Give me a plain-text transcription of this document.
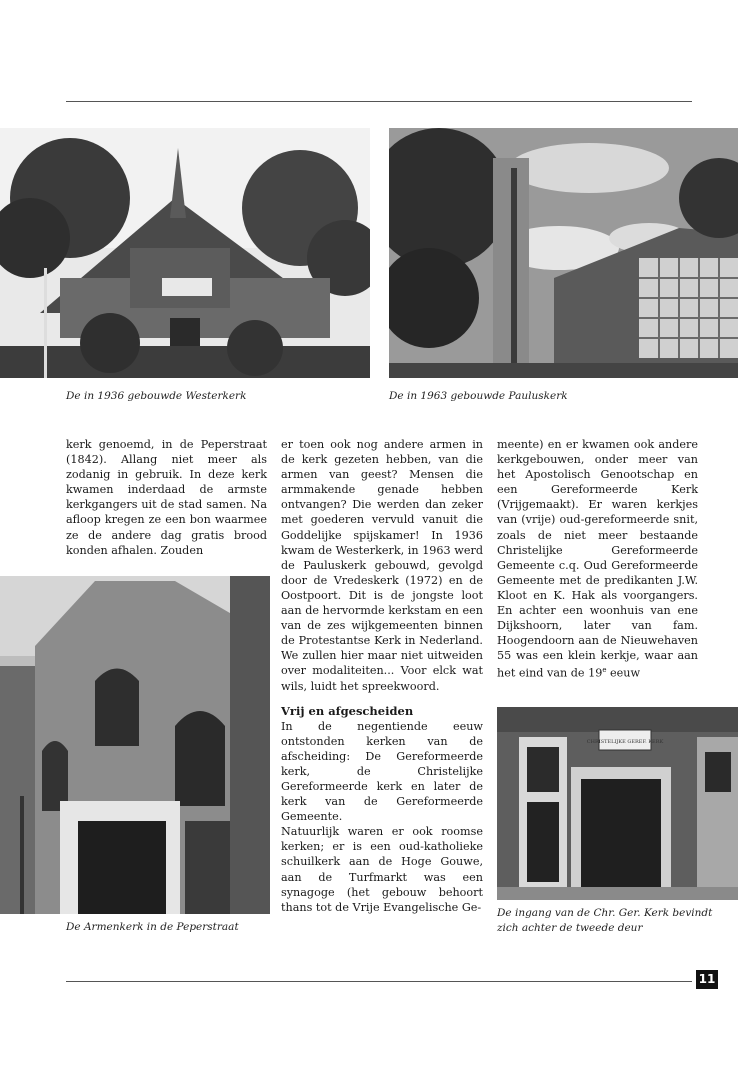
De in 1936 gebouwde Westerkerk	De in 1963 gebouwde Pauluskerk

kerk genoemd, in de Peperstraat (1842). Allang niet meer als zodanig in gebruik. In deze kerk kwamen inderdaad de armste kerkgangers uit de stad samen. Na afloop kregen ze een bon waarmee ze de andere dag gratis brood konden afhalen. Zouden

De Armenkerk in de Peperstraat

er toen ook nog andere armen in de kerk gezeten hebben, van die armen van geest? Mensen die armmakende genade hebben ontvangen? Die werden dan zeker met goederen vervuld vanuit die Goddelijke spijskamer! In 1936 kwam de Westerkerk, in 1963 werd de Pauluskerk gebouwd, gevolgd door de Vredeskerk (1972) en de Oostpoort. Dit is de jongste loot aan de hervormde kerkstam en een van de zes wijkgemeenten binnen de Protestantse Kerk in Nederland. We zullen hier maar niet uitweiden over modaliteiten... Voor elck wat wils, luidt het spreekwoord.

Vrij en afgescheiden

In de negentiende eeuw ontstonden kerken van de afscheiding: De Gereformeerde kerk, de Christelijke Gereformeerde kerk en later de kerk van de Gereformeerde Gemeente.

Natuurlijk waren er ook roomse kerken; er is een oud-katholieke schuilkerk aan de Hoge Gouwe, aan de Turfmarkt was een synagoge (het gebouw behoort thans tot de Vrije Evangelische Ge-

meente) en er kwamen ook andere kerkgebouwen, onder meer van het Apostolisch Genootschap en een Gereformeerde Kerk (Vrijgemaakt). Er waren kerkjes van (vrije) oud-gereformeerde snit, zoals de niet meer bestaande Christelijke Gereformeerde Gemeente c.q. Oud Gereformeerde Gemeente met de predikanten J.W. Kloot en K. Hak als voorgangers. En achter een woonhuis van ene Dijkshoorn, later van fam. Hoogendoorn aan de Nieuwehaven 55 was een klein kerkje, waar aan het eind van de 19e eeuw

CHRISTELIJKE GEREF. KERK
De ingang van de Chr. Ger. Kerk bevindt
zich achter de tweede deur
11
